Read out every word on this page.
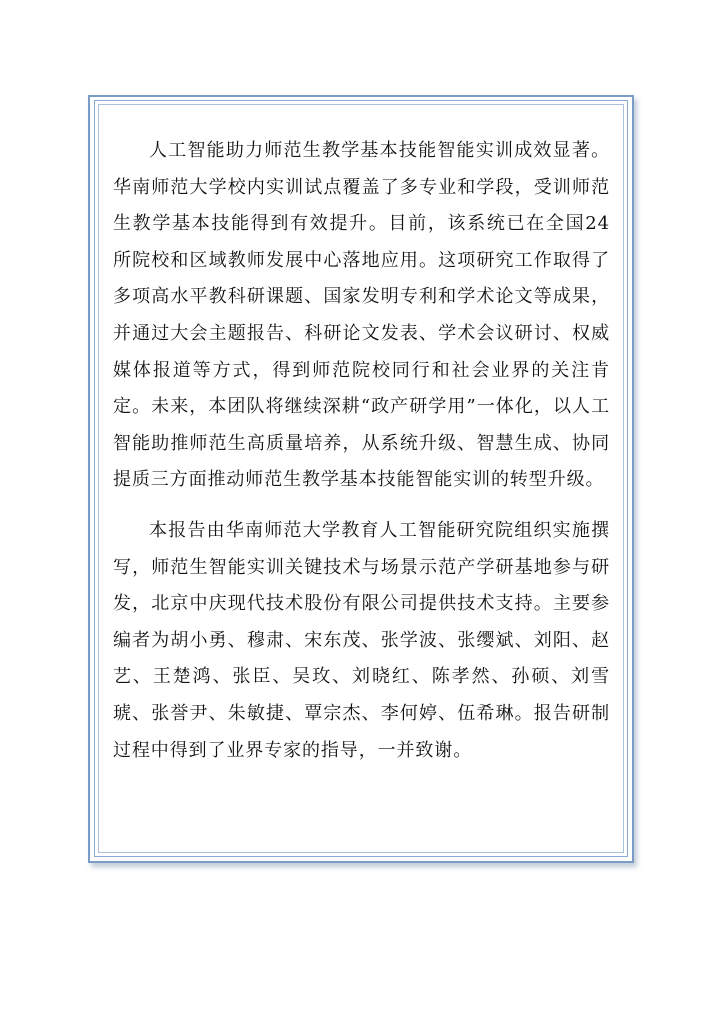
人工智能助力师范生教学基本技能智能实训成效显著。华南师范大学校内实训试点覆盖了多专业和学段，受训师范生教学基本技能得到有效提升。目前，该系统已在全国24所院校和区域教师发展中心落地应用。这项研究工作取得了多项高水平教科研课题、国家发明专利和学术论文等成果，并通过大会主题报告、科研论文发表、学术会议研讨、权威媒体报道等方式，得到师范院校同行和社会业界的关注肯定。未来，本团队将继续深耕“政产研学用”一体化，以人工智能助推师范生高质量培养，从系统升级、智慧生成、协同提质三方面推动师范生教学基本技能智能实训的转型升级。

本报告由华南师范大学教育人工智能研究院组织实施撰写，师范生智能实训关键技术与场景示范产学研基地参与研发，北京中庆现代技术股份有限公司提供技术支持。主要参编者为胡小勇、穆肃、宋东茂、张学波、张缨斌、刘阳、赵艺、王楚鸿、张臣、吴玫、刘晓红、陈孝然、孙硕、刘雪琥、张誉尹、朱敏捷、覃宗杰、李何婷、伍希琳。报告研制过程中得到了业界专家的指导，一并致谢。
